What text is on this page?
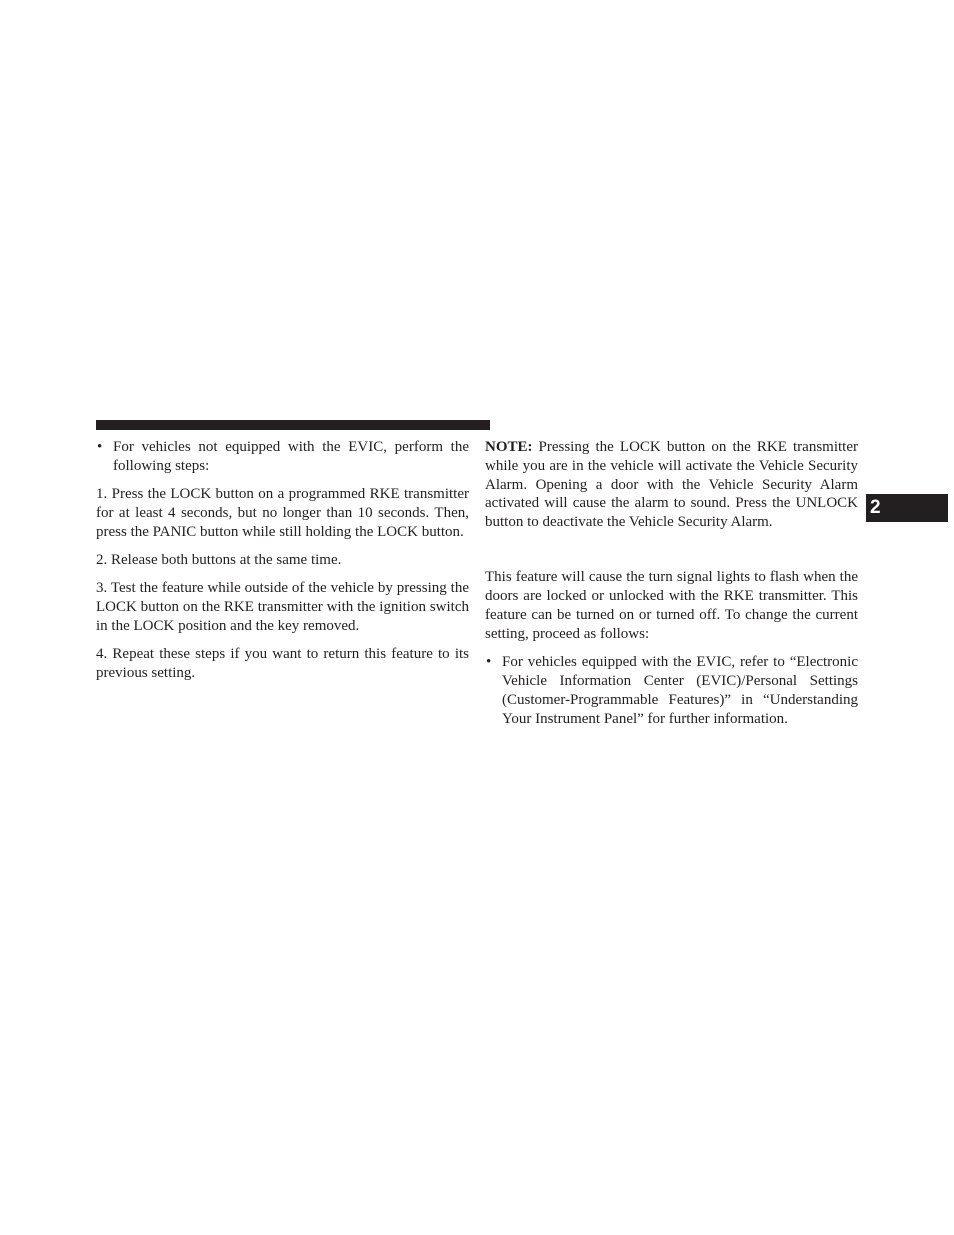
• For vehicles not equipped with the EVIC, perform the following steps:

1. Press the LOCK button on a programmed RKE transmitter for at least 4 seconds, but no longer than 10 seconds. Then, press the PANIC button while still holding the LOCK button.

2. Release both buttons at the same time.

3. Test the feature while outside of the vehicle by pressing the LOCK button on the RKE transmitter with the ignition switch in the LOCK position and the key removed.

4. Repeat these steps if you want to return this feature to its previous setting.

NOTE: Pressing the LOCK button on the RKE transmitter while you are in the vehicle will activate the Vehicle Security Alarm. Opening a door with the Vehicle Security Alarm activated will cause the alarm to sound. Press the UNLOCK button to deactivate the Vehicle Security Alarm.

This feature will cause the turn signal lights to flash when the doors are locked or unlocked with the RKE transmitter. This feature can be turned on or turned off. To change the current setting, proceed as follows:

• For vehicles equipped with the EVIC, refer to “Electronic Vehicle Information Center (EVIC)/Personal Settings (Customer-Programmable Features)” in “Understanding Your Instrument Panel” for further information.
2
